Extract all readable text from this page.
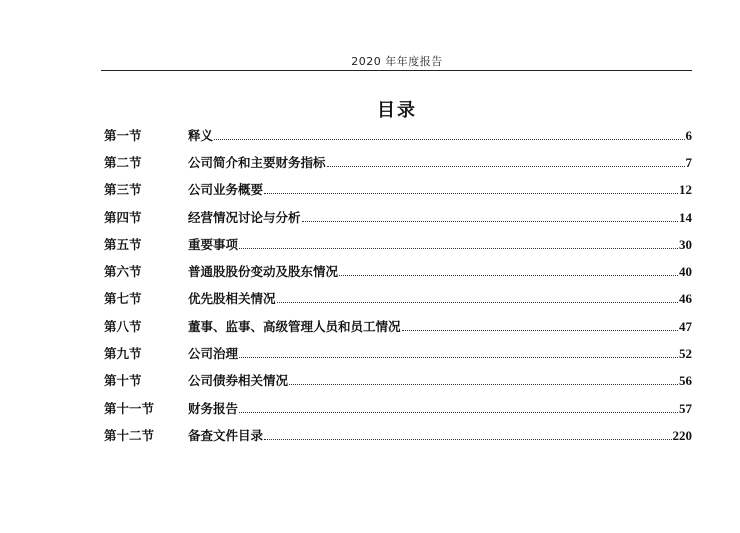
2020 年年度报告
目录
第一节	释义	6
第二节	公司简介和主要财务指标	7
第三节	公司业务概要	12
第四节	经营情况讨论与分析	14
第五节	重要事项	30
第六节	普通股股份变动及股东情况	40
第七节	优先股相关情况	46
第八节	董事、监事、高级管理人员和员工情况	47
第九节	公司治理	52
第十节	公司债券相关情况	56
第十一节	财务报告	57
第十二节	备查文件目录	220
